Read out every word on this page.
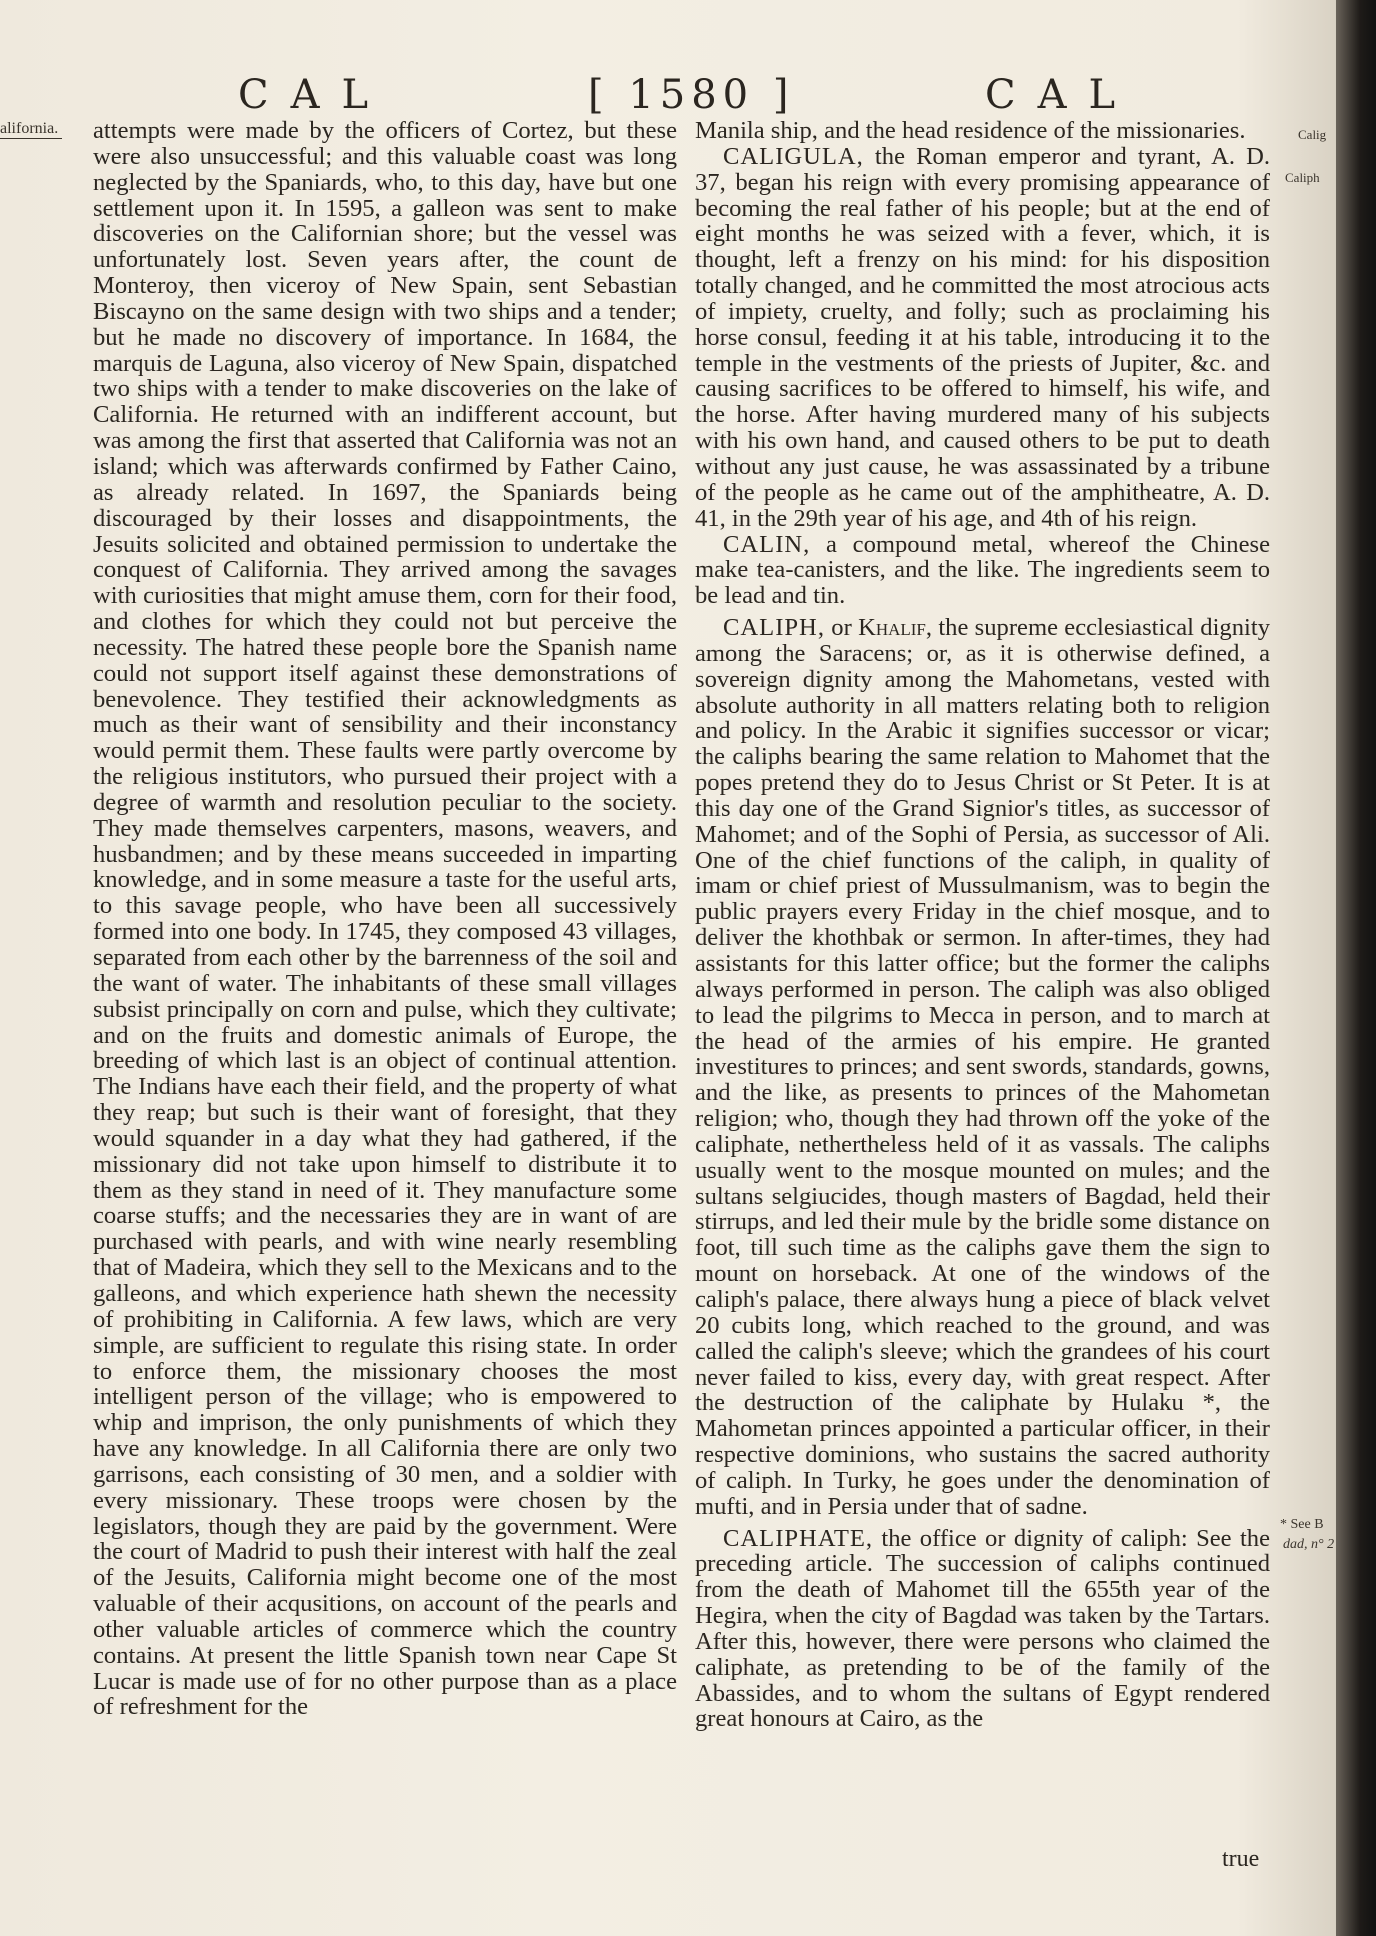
CAL	[ 1580 ]	CAL
alifornia.	Calig
Caliph
* See B
dad, n° 2

attempts were made by the officers of Cortez, but these were also unsuccessful; and this valuable coast was long neglected by the Spaniards, who, to this day, have but one settlement upon it. In 1595, a galleon was sent to make discoveries on the Californian shore; but the vessel was unfortunately lost. Seven years after, the count de Monteroy, then viceroy of New Spain, sent Sebastian Biscayno on the same design with two ships and a tender; but he made no discovery of importance. In 1684, the marquis de Laguna, also viceroy of New Spain, dispatched two ships with a tender to make discoveries on the lake of California. He returned with an indifferent account, but was among the first that asserted that California was not an island; which was afterwards confirmed by Father Caino, as already related. In 1697, the Spaniards being discouraged by their losses and disappointments, the Jesuits solicited and obtained permission to undertake the conquest of California. They arrived among the savages with curiosities that might amuse them, corn for their food, and clothes for which they could not but perceive the necessity. The hatred these people bore the Spanish name could not support itself against these demonstrations of benevolence. They testified their acknowledgments as much as their want of sensibility and their inconstancy would permit them. These faults were partly overcome by the religious institutors, who pursued their project with a degree of warmth and resolution peculiar to the society. They made themselves carpenters, masons, weavers, and husbandmen; and by these means succeeded in imparting knowledge, and in some measure a taste for the useful arts, to this savage people, who have been all successively formed into one body. In 1745, they composed 43 villages, separated from each other by the barrenness of the soil and the want of water. The inhabitants of these small villages subsist principally on corn and pulse, which they cultivate; and on the fruits and domestic animals of Europe, the breeding of which last is an object of continual attention. The Indians have each their field, and the property of what they reap; but such is their want of foresight, that they would squander in a day what they had gathered, if the missionary did not take upon himself to distribute it to them as they stand in need of it. They manufacture some coarse stuffs; and the necessaries they are in want of are purchased with pearls, and with wine nearly resembling that of Madeira, which they sell to the Mexicans and to the galleons, and which experience hath shewn the necessity of prohibiting in California. A few laws, which are very simple, are sufficient to regulate this rising state. In order to enforce them, the missionary chooses the most intelligent person of the village; who is empowered to whip and imprison, the only punishments of which they have any knowledge. In all California there are only two garrisons, each consisting of 30 men, and a soldier with every missionary. These troops were chosen by the legislators, though they are paid by the government. Were the court of Madrid to push their interest with half the zeal of the Jesuits, California might become one of the most valuable of their acqusitions, on account of the pearls and other valuable articles of commerce which the country contains. At present the little Spanish town near Cape St Lucar is made use of for no other purpose than as a place of refreshment for the

Manila ship, and the head residence of the missionaries.

CALIGULA, the Roman emperor and tyrant, A. D. 37, began his reign with every promising appearance of becoming the real father of his people; but at the end of eight months he was seized with a fever, which, it is thought, left a frenzy on his mind: for his disposition totally changed, and he committed the most atrocious acts of impiety, cruelty, and folly; such as proclaiming his horse consul, feeding it at his table, introducing it to the temple in the vestments of the priests of Jupiter, &c. and causing sacrifices to be offered to himself, his wife, and the horse. After having murdered many of his subjects with his own hand, and caused others to be put to death without any just cause, he was assassinated by a tribune of the people as he came out of the amphitheatre, A. D. 41, in the 29th year of his age, and 4th of his reign.

CALIN, a compound metal, whereof the Chinese make tea-canisters, and the like. The ingredients seem to be lead and tin.

CALIPH, or Khalif, the supreme ecclesiastical dignity among the Saracens; or, as it is otherwise defined, a sovereign dignity among the Mahometans, vested with absolute authority in all matters relating both to religion and policy. In the Arabic it signifies successor or vicar; the caliphs bearing the same relation to Mahomet that the popes pretend they do to Jesus Christ or St Peter. It is at this day one of the Grand Signior's titles, as successor of Mahomet; and of the Sophi of Persia, as successor of Ali. One of the chief functions of the caliph, in quality of imam or chief priest of Mussulmanism, was to begin the public prayers every Friday in the chief mosque, and to deliver the khothbak or sermon. In after-times, they had assistants for this latter office; but the former the caliphs always performed in person. The caliph was also obliged to lead the pilgrims to Mecca in person, and to march at the head of the armies of his empire. He granted investitures to princes; and sent swords, standards, gowns, and the like, as presents to princes of the Mahometan religion; who, though they had thrown off the yoke of the caliphate, nethertheless held of it as vassals. The caliphs usually went to the mosque mounted on mules; and the sultans selgiucides, though masters of Bagdad, held their stirrups, and led their mule by the bridle some distance on foot, till such time as the caliphs gave them the sign to mount on horseback. At one of the windows of the caliph's palace, there always hung a piece of black velvet 20 cubits long, which reached to the ground, and was called the caliph's sleeve; which the grandees of his court never failed to kiss, every day, with great respect. After the destruction of the caliphate by Hulaku *, the Mahometan princes appointed a particular officer, in their respective dominions, who sustains the sacred authority of caliph. In Turky, he goes under the denomination of mufti, and in Persia under that of sadne.

CALIPHATE, the office or dignity of caliph: See the preceding article. The succession of caliphs continued from the death of Mahomet till the 655th year of the Hegira, when the city of Bagdad was taken by the Tartars. After this, however, there were persons who claimed the caliphate, as pretending to be of the family of the Abassides, and to whom the sultans of Egypt rendered great honours at Cairo, as the

true
